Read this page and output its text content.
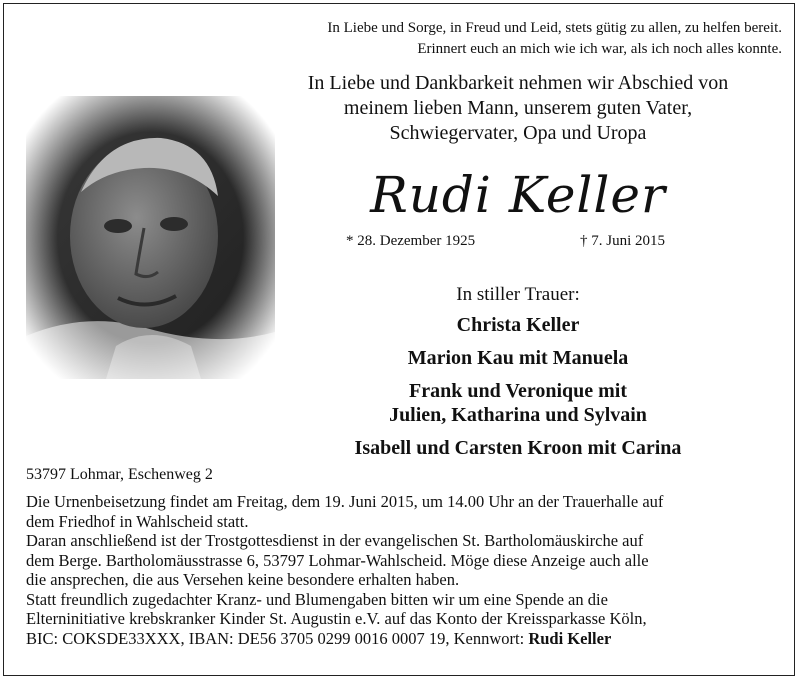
In Liebe und Sorge, in Freud und Leid, stets gütig zu allen, zu helfen bereit.
Erinnert euch an mich wie ich war, als ich noch alles konnte.
In Liebe und Dankbarkeit nehmen wir Abschied von
meinem lieben Mann, unserem guten Vater,
Schwiegervater, Opa und Uropa
Rudi Keller
* 28. Dezember 1925	† 7. Juni 2015
In stiller Trauer:
Christa Keller
Marion Kau mit Manuela
Frank und Veronique mit
Julien, Katharina und Sylvain
Isabell und Carsten Kroon mit Carina
53797 Lohmar, Eschenweg 2

Die Urnenbeisetzung findet am Freitag, dem 19. Juni 2015, um 14.00 Uhr an der Trauerhalle auf
dem Friedhof in Wahlscheid statt.

Daran anschließend ist der Trostgottesdienst in der evangelischen St. Bartholomäuskirche auf
dem Berge. Bartholomäusstrasse 6, 53797 Lohmar-Wahlscheid. Möge diese Anzeige auch alle
die ansprechen, die aus Versehen keine besondere erhalten haben.

Statt freundlich zugedachter Kranz- und Blumengaben bitten wir um eine Spende an die
Elterninitiative krebskranker Kinder St. Augustin e.V. auf das Konto der Kreissparkasse Köln,
BIC: COKSDE33XXX, IBAN: DE56 3705 0299 0016 0007 19, Kennwort: Rudi Keller
